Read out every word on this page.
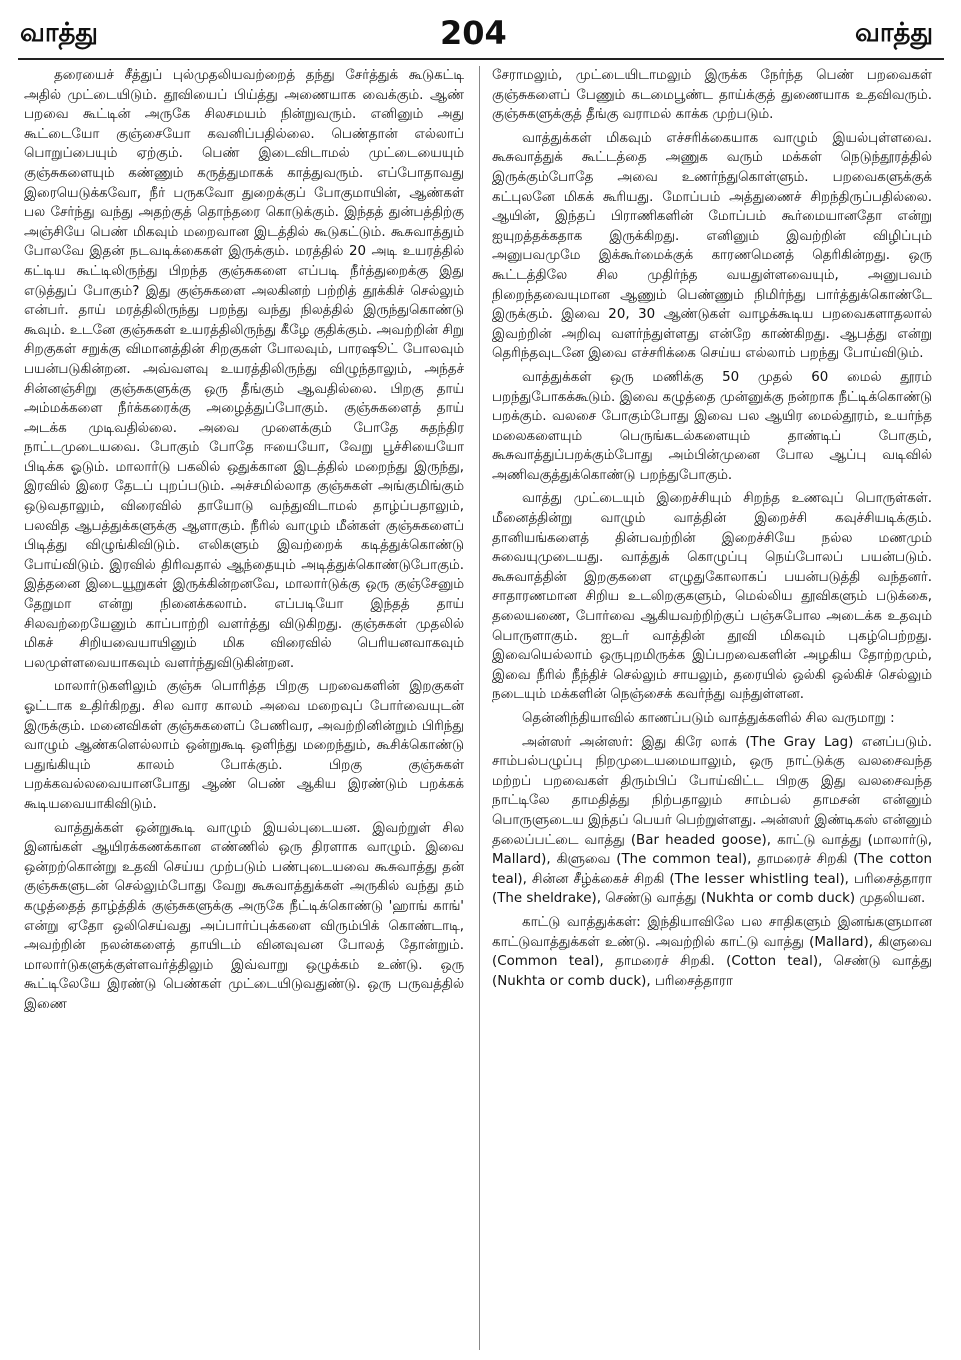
வாத்து	204	வாத்து

தரையைச் சீத்துப் புல்முதலியவற்றைத் தந்து சேர்த்துக் கூடுகட்டி அதில் முட்டையிடும். தூவியைப் பிய்த்து அணையாக வைக்கும். ஆண் பறவை கூட்டின் அருகே சிலசமயம் நின்றுவரும். எனினும் அது கூட்டையோ குஞ்சையோ கவனிப்பதில்லை. பெண்தான் எல்லாப் பொறுப்பையும் ஏற்கும். பெண் இடைவிடாமல் முட்டையையும் குஞ்சுகளையும் கண்ணும் கருத்துமாகக் காத்துவரும். எப்போதாவது இரையெடுக்கவோ, நீர் பருகவோ துறைக்குப் போகுமாயின், ஆண்கள் பல சேர்ந்து வந்து அதற்குத் தொந்தரை கொடுக்கும். இந்தத் துன்பத்திற்கு அஞ்சியே பெண் மிகவும் மறைவான இடத்தில் கூடுகட்டும். கூசுவாத்தும் போலவே இதன் நடவடிக்கைகள் இருக்கும். மரத்தில் 20 அடி உயரத்தில் கட்டிய கூட்டிலிருந்து பிறந்த குஞ்சுகளை எப்படி நீர்த்துறைக்கு இது எடுத்துப் போகும்? இது குஞ்சுகளை அலகினற் பற்றித் தூக்கிச் செல்லும் என்பர். தாய் மரத்திலிருந்து பறந்து வந்து நிலத்தில் இருந்துகொண்டு கூவும். உடனே குஞ்சுகள் உயரத்திலிருந்து கீழே குதிக்கும். அவற்றின் சிறு சிறகுகள் சறுக்கு விமானத்தின் சிறகுகள் போலவும், பாரஷூட் போலவும் பயன்படுகின்றன. அவ்வளவு உயரத்திலிருந்து விழுந்தாலும், அந்தச் சின்னஞ்சிறு குஞ்சுகளுக்கு ஒரு தீங்கும் ஆவதில்லை. பிறகு தாய் அம்மக்களை நீர்க்கரைக்கு அழைத்துப்போகும். குஞ்சுகளைத் தாய் அடக்க முடிவதில்லை. அவை முளைக்கும் போதே சுதந்திர நாட்டமுடையவை. போகும் போதே ஈயையோ, வேறு பூச்சியையோ பிடிக்க ஓடும். மாலார்டு பகலில் ஒதுக்கான இடத்தில் மறைந்து இருந்து, இரவில் இரை தேடப் புறப்படும். அச்சமில்லாத குஞ்சுகள் அங்குமிங்கும் ஒடுவதாலும், விரைவில் தாயோடு வந்துவிடாமல் தாழ்ப்பதாலும், பலவித ஆபத்துக்களுக்கு ஆளாகும். நீரில் வாழும் மீன்கள் குஞ்சுகளைப் பிடித்து விழுங்கிவிடும். எலிகளும் இவற்றைக் கடித்துக்கொண்டு போய்விடும். இரவில் திரிவதால் ஆந்தையும் அடித்துக்கொண்டுபோகும். இத்தனை இடையூறுகள் இருக்கின்றனவே, மாலார்டுக்கு ஒரு குஞ்சேனும் தேறுமா என்று நினைக்கலாம். எப்படியோ இந்தத் தாய் சிலவற்றையேனும் காப்பாற்றி வளர்த்து விடுகிறது. குஞ்சுகள் முதலில் மிகச் சிறியவையாயினும் மிக விரைவில் பெரியனவாகவும் பலமுள்ளவையாகவும் வளர்ந்துவிடுகின்றன.

மாலார்டுகளிலும் குஞ்சு பொரித்த பிறகு பறவைகளின் இறகுகள் ஓட்டாக உதிர்கிறது. சில வார காலம் அவை மறைவுப் போர்வையுடன் இருக்கும். மனைவிகள் குஞ்சுகளைப் பேணிவர, அவற்றினின்றும் பிரிந்து வாழும் ஆண்களெல்லாம் ஒன்றுகூடி ஒளிந்து மறைந்தும், கூசிக்கொண்டு பதுங்கியும் காலம் போக்கும். பிறகு குஞ்சுகள் பறக்கவல்லவையானபோது ஆண் பெண் ஆகிய இரண்டும் பறக்கக் கூடியவையாகிவிடும்.

வாத்துக்கள் ஒன்றுகூடி வாழும் இயல்புடையன. இவற்றுள் சில இனங்கள் ஆயிரக்கணக்கான எண்ணில் ஒரு திரளாக வாழும். இவை ஒன்றற்கொன்று உதவி செய்ய முற்படும் பண்புடையவை கூசுவாத்து தன் குஞ்சுகளுடன் செல்லும்போது வேறு கூசுவாத்துக்கள் அருகில் வந்து தம் கழுத்தைத் தாழ்த்திக் குஞ்சுகளுக்கு அருகே நீட்டிக்கொண்டு 'ஹாங் காங்' என்று ஏதோ ஒலிசெய்வது அப்பார்ப்புக்களை விரும்பிக் கொண்டாடி, அவற்றின் நலன்களைத் தாயிடம் வினவுவன போலத் தோன்றும். மாலார்டுகளுக்குள்ளவர்த்திலும் இவ்வாறு ஒழுக்கம் உண்டு. ஒரு கூட்டிலேயே இரண்டு பெண்கள் முட்டையிடுவதுண்டு. ஒரு பருவத்தில் இணை

சேராமலும், முட்டையிடாமலும் இருக்க நேர்ந்த பெண் பறவைகள் குஞ்சுகளைப் பேணும் கடமைபூண்ட தாய்க்குத் துணையாக உதவிவரும். குஞ்சுகளுக்குத் தீங்கு வராமல் காக்க முற்படும்.

வாத்துக்கள் மிகவும் எச்சரிக்கையாக வாழும் இயல்புள்ளவை. கூசுவாத்துக் கூட்டத்தை அணுக வரும் மக்கள் நெடுந்தூரத்தில் இருக்கும்போதே அவை உணர்ந்துகொள்ளும். பறவைகளுக்குக் கட்புலனே மிகக் கூரியது. மோப்பம் அத்துணைச் சிறந்திருப்பதில்லை. ஆயின், இந்தப் பிராணிகளின் மோப்பம் கூர்மையானதோ என்று ஐயுறத்தக்கதாக இருக்கிறது. எனினும் இவற்றின் விழிப்பும் அனுபவமுமே இக்கூர்மைக்குக் காரணமெனத் தெரிகின்றது. ஒரு கூட்டத்திலே சில முதிர்ந்த வயதுள்ளவையும், அனுபவம் நிறைந்தவையுமான ஆணும் பெண்ணும் நிமிர்ந்து பார்த்துக்கொண்டே இருக்கும். இவை 20, 30 ஆண்டுகள் வாழக்கூடிய பறவைகளாதலால் இவற்றின் அறிவு வளர்ந்துள்ளது என்றே காண்கிறது. ஆபத்து என்று தெரிந்தவுடனே இவை எச்சரிக்கை செய்ய எல்லாம் பறந்து போய்விடும்.

வாத்துக்கள் ஒரு மணிக்கு 50 முதல் 60 மைல் தூரம் பறந்துபோகக்கூடும். இவை கழுத்தை முன்னுக்கு நன்றாக நீட்டிக்கொண்டு பறக்கும். வலசை போகும்போது இவை பல ஆயிர மைல்தூரம், உயர்ந்த மலைகளையும் பெருங்கடல்களையும் தாண்டிப் போகும், கூசுவாத்துப்பறக்கும்போது அம்பின்முனை போல ஆப்பு வடிவில் அணிவகுத்துக்கொண்டு பறந்துபோகும்.

வாத்து முட்டையும் இறைச்சியும் சிறந்த உணவுப் பொருள்கள். மீனைத்தின்று வாழும் வாத்தின் இறைச்சி கவுச்சியடிக்கும். தானியங்களைத் தின்பவற்றின் இறைச்சியே நல்ல மணமும் சுவையுமுடையது. வாத்துக் கொழுப்பு நெய்போலப் பயன்படும். கூசுவாத்தின் இறகுகளை எழுதுகோலாகப் பயன்படுத்தி வந்தனர். சாதாரணமான சிறிய உடலிறகுகளும், மெல்லிய தூவிகளும் படுக்கை, தலையணை, போர்வை ஆகியவற்றிற்குப் பஞ்சுபோல அடைக்க உதவும் பொருளாகும். ஐடர் வாத்தின் தூவி மிகவும் புகழ்பெற்றது. இவையெல்லாம் ஒருபுறமிருக்க இப்பறவைகளின் அழகிய தோற்றமும், இவை நீரில் நீந்திச் செல்லும் சாயலும், தரையில் ஒல்கி ஒல்கிச் செல்லும் நடையும் மக்களின் நெஞ்சைக் கவர்ந்து வந்துள்ளன.

தென்னிந்தியாவில் காணப்படும் வாத்துக்களில் சில வருமாறு :

அன்ஸர் அன்ஸர்: இது கிரே லாக் (The Gray Lag) எனப்படும். சாம்பல்பழுப்பு நிறமுடையமையாலும், ஒரு நாட்டுக்கு வலசைவந்த மற்றப் பறவைகள் திரும்பிப் போய்விட்ட பிறகு இது வலசைவந்த நாட்டிலே தாமதித்து நிற்பதாலும் சாம்பல் தாமசன் என்னும் பொருளுடைய இந்தப் பெயர் பெற்றுள்ளது. அன்ஸர் இண்டிகஸ் என்னும் தலைப்பட்டை வாத்து (Bar headed goose), காட்டு வாத்து (மாலார்டு, Mallard), கிளுவை (The common teal), தாமரைச் சிறகி (The cotton teal), சின்ன சீழ்க்கைச் சிறகி (The lesser whistling teal), பரிசைத்தாரா (The sheldrake), செண்டு வாத்து (Nukhta or comb duck) முதலியன.

காட்டு வாத்துக்கள்: இந்தியாவிலே பல சாதிகளும் இனங்களுமான காட்டுவாத்துக்கள் உண்டு. அவற்றில் காட்டு வாத்து (Mallard), கிளுவை (Common teal), தாமரைச் சிறகி. (Cotton teal), செண்டு வாத்து (Nukhta or comb duck), பரிசைத்தாரா
